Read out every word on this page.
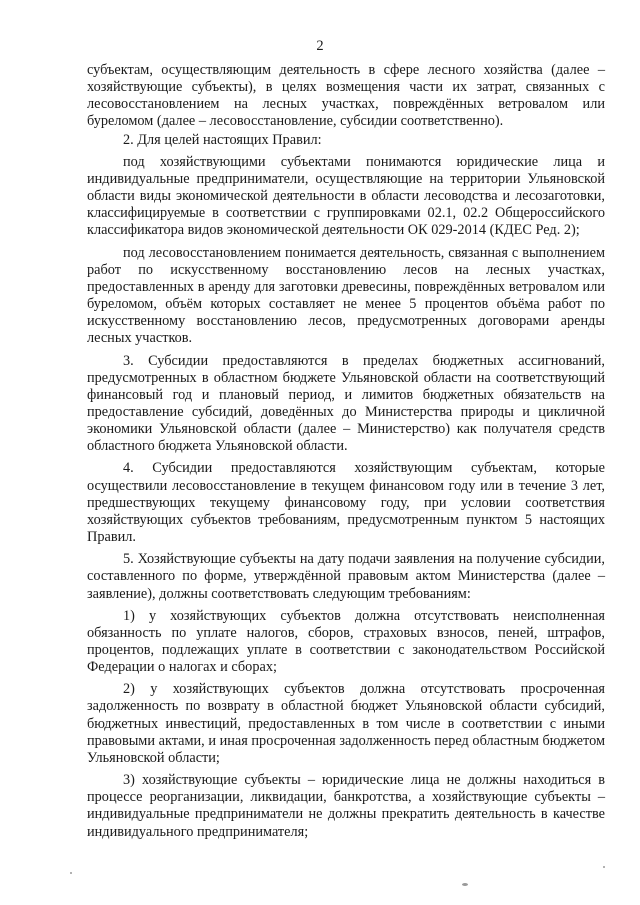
2

субъектам, осуществляющим деятельность в сфере лесного хозяйства (далее – хозяйствующие субъекты), в целях возмещения части их затрат, связанных с лесовосстановлением на лесных участках, повреждённых ветровалом или буреломом (далее – лесовосстановление, субсидии соответственно).

2. Для целей настоящих Правил:

под хозяйствующими субъектами понимаются юридические лица и индивидуальные предприниматели, осуществляющие на территории Ульяновской области виды экономической деятельности в области лесоводства и лесозаготовки, классифицируемые в соответствии с группировками 02.1, 02.2 Общероссийского классификатора видов экономической деятельности ОК 029-2014 (КДЕС Ред. 2);

под лесовосстановлением понимается деятельность, связанная с выполнением работ по искусственному восстановлению лесов на лесных участках, предоставленных в аренду для заготовки древесины, повреждённых ветровалом или буреломом, объём которых составляет не менее 5 процентов объёма работ по искусственному восстановлению лесов, предусмотренных договорами аренды лесных участков.

3. Субсидии предоставляются в пределах бюджетных ассигнований, предусмотренных в областном бюджете Ульяновской области на соответствующий финансовый год и плановый период, и лимитов бюджетных обязательств на предоставление субсидий, доведённых до Министерства природы и цикличной экономики Ульяновской области (далее – Министерство) как получателя средств областного бюджета Ульяновской области.

4. Субсидии предоставляются хозяйствующим субъектам, которые осуществили лесовосстановление в текущем финансовом году или в течение 3 лет, предшествующих текущему финансовому году, при условии соответствия хозяйствующих субъектов требованиям, предусмотренным пунктом 5 настоящих Правил.

5. Хозяйствующие субъекты на дату подачи заявления на получение субсидии, составленного по форме, утверждённой правовым актом Министерства (далее – заявление), должны соответствовать следующим требованиям:

1) у хозяйствующих субъектов должна отсутствовать неисполненная обязанность по уплате налогов, сборов, страховых взносов, пеней, штрафов, процентов, подлежащих уплате в соответствии с законодательством Российской Федерации о налогах и сборах;

2) у хозяйствующих субъектов должна отсутствовать просроченная задолженность по возврату в областной бюджет Ульяновской области субсидий, бюджетных инвестиций, предоставленных в том числе в соответствии с иными правовыми актами, и иная просроченная задолженность перед областным бюджетом Ульяновской области;

3) хозяйствующие субъекты – юридические лица не должны находиться в процессе реорганизации, ликвидации, банкротства, а хозяйствующие субъекты – индивидуальные предприниматели не должны прекратить деятельность в качестве индивидуального предпринимателя;
